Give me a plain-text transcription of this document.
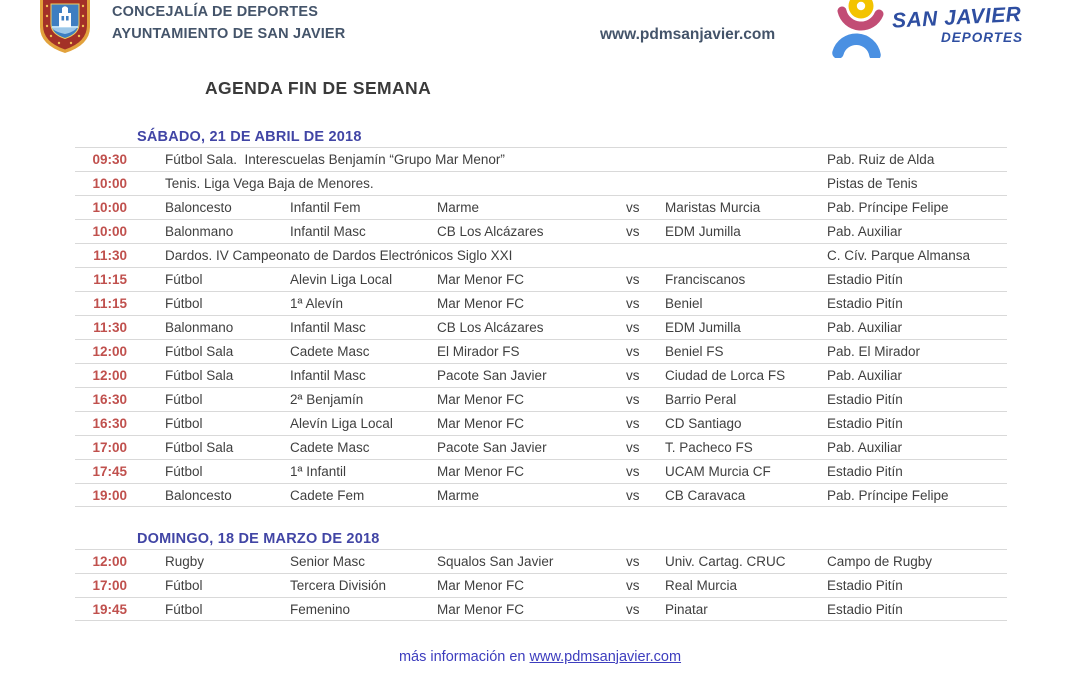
CONCEJALÍA DE DEPORTES
AYUNTAMIENTO DE SAN JAVIER	www.pdmsanjavier.com
SAN JAVIER
DEPORTES
AGENDA FIN DE SEMANA
SÁBADO, 21 DE ABRIL DE 2018
09:30	Fútbol Sala.  Interescuelas Benjamín “Grupo Mar Menor”	Pab. Ruiz de Alda
10:00	Tenis. Liga Vega Baja de Menores.	Pistas de Tenis
10:00	Baloncesto	Infantil Fem	Marme	vs Maristas Murcia	Pab. Príncipe Felipe
10:00	Balonmano	Infantil Masc	CB Los Alcázares	vs EDM Jumilla	Pab. Auxiliar
11:30	Dardos. IV Campeonato de Dardos Electrónicos Siglo XXI	C. Cív. Parque Almansa
11:15	Fútbol	Alevin Liga Local	Mar Menor FC	vs Franciscanos	Estadio Pitín
11:15	Fútbol	1ª Alevín	Mar Menor FC	vs Beniel	Estadio Pitín
11:30	Balonmano	Infantil Masc	CB Los Alcázares	vs EDM Jumilla	Pab. Auxiliar
12:00	Fútbol Sala	Cadete Masc	El Mirador FS	vs Beniel FS	Pab. El Mirador
12:00	Fútbol Sala	Infantil Masc	Pacote San Javier	vs Ciudad de Lorca FS	Pab. Auxiliar
16:30	Fútbol	2ª Benjamín	Mar Menor FC	vs Barrio Peral	Estadio Pitín
16:30	Fútbol	Alevín Liga Local	Mar Menor FC	vs CD Santiago	Estadio Pitín
17:00	Fútbol Sala	Cadete Masc	Pacote San Javier	vs T. Pacheco FS	Pab. Auxiliar
17:45	Fútbol	1ª Infantil	Mar Menor FC	vs UCAM Murcia CF	Estadio Pitín
19:00	Baloncesto	Cadete Fem	Marme	vs CB Caravaca	Pab. Príncipe Felipe
DOMINGO, 18 DE MARZO DE 2018
12:00	Rugby	Senior Masc	Squalos San Javier	vs Univ. Cartag. CRUC	Campo de Rugby
17:00	Fútbol	Tercera División	Mar Menor FC	vs Real Murcia	Estadio Pitín
19:45	Fútbol	Femenino	Mar Menor FC	vs Pinatar	Estadio Pitín
más información en www.pdmsanjavier.com
